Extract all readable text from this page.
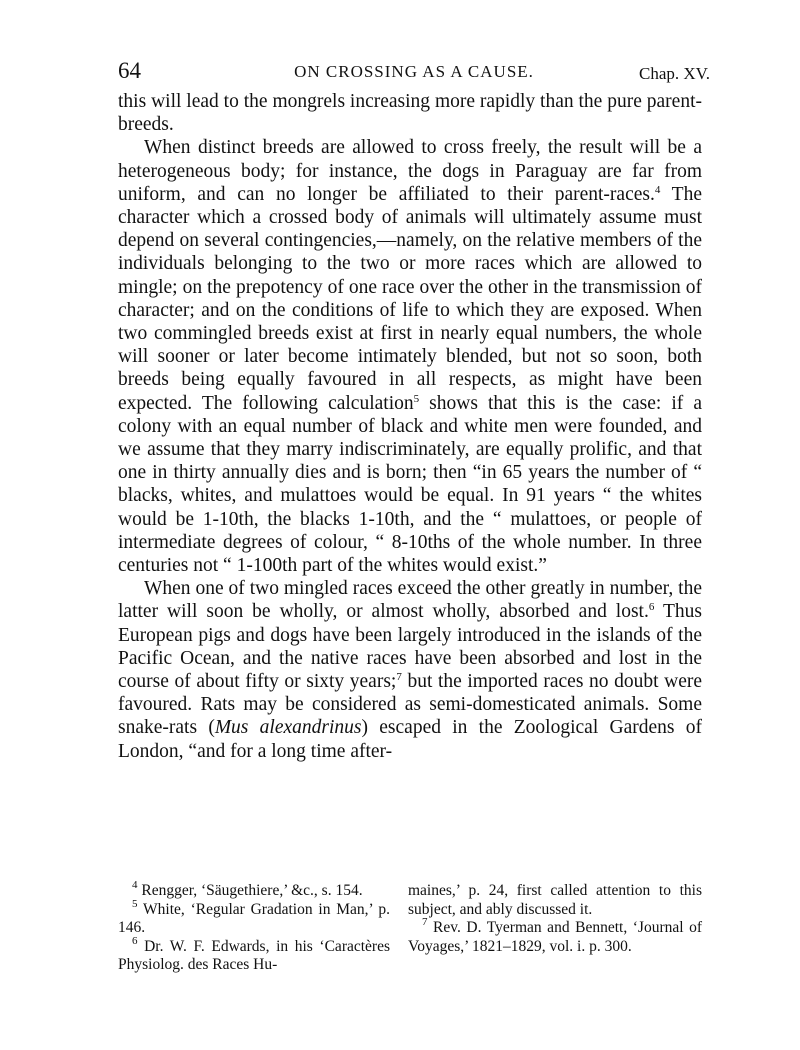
64	ON CROSSING AS A CAUSE.	Chap. XV.

this will lead to the mongrels increasing more rapidly than the pure parent-breeds.

When distinct breeds are allowed to cross freely, the result will be a heterogeneous body; for instance, the dogs in Paraguay are far from uniform, and can no longer be affiliated to their parent-races.$^4$ The character which a crossed body of animals will ultimately assume must depend on several contingencies,—namely, on the relative members of the individuals belonging to the two or more races which are allowed to mingle; on the prepotency of one race over the other in the transmission of character; and on the conditions of life to which they are exposed. When two commingled breeds exist at first in nearly equal numbers, the whole will sooner or later become intimately blended, but not so soon, both breeds being equally favoured in all respects, as might have been expected. The following calculation$^5$ shows that this is the case: if a colony with an equal number of black and white men were founded, and we assume that they marry indiscriminately, are equally prolific, and that one in thirty annually dies and is born; then “in 65 years the number of “ blacks, whites, and mulattoes would be equal. In 91 years “ the whites would be 1-10th, the blacks 1-10th, and the “ mulattoes, or people of intermediate degrees of colour, “ 8-10ths of the whole number. In three centuries not “ 1-100th part of the whites would exist.”

When one of two mingled races exceed the other greatly in number, the latter will soon be wholly, or almost wholly, absorbed and lost.$^6$ Thus European pigs and dogs have been largely introduced in the islands of the Pacific Ocean, and the native races have been absorbed and lost in the course of about fifty or sixty years;$^7$ but the imported races no doubt were favoured. Rats may be considered as semi-domesticated animals. Some snake-rats (Mus alexandrinus) escaped in the Zoological Gardens of London, “and for a long time after-

$^4$ Rengger, ‘Säugethiere,’ &c., s. 154.

$^5$ White, ‘Regular Gradation in Man,’ p. 146.

$^6$ Dr. W. F. Edwards, in his ‘Caractères Physiolog. des Races Hu-

maines,’ p. 24, first called attention to this subject, and ably discussed it.

$^7$ Rev. D. Tyerman and Bennett, ‘Journal of Voyages,’ 1821–1829, vol. i. p. 300.
